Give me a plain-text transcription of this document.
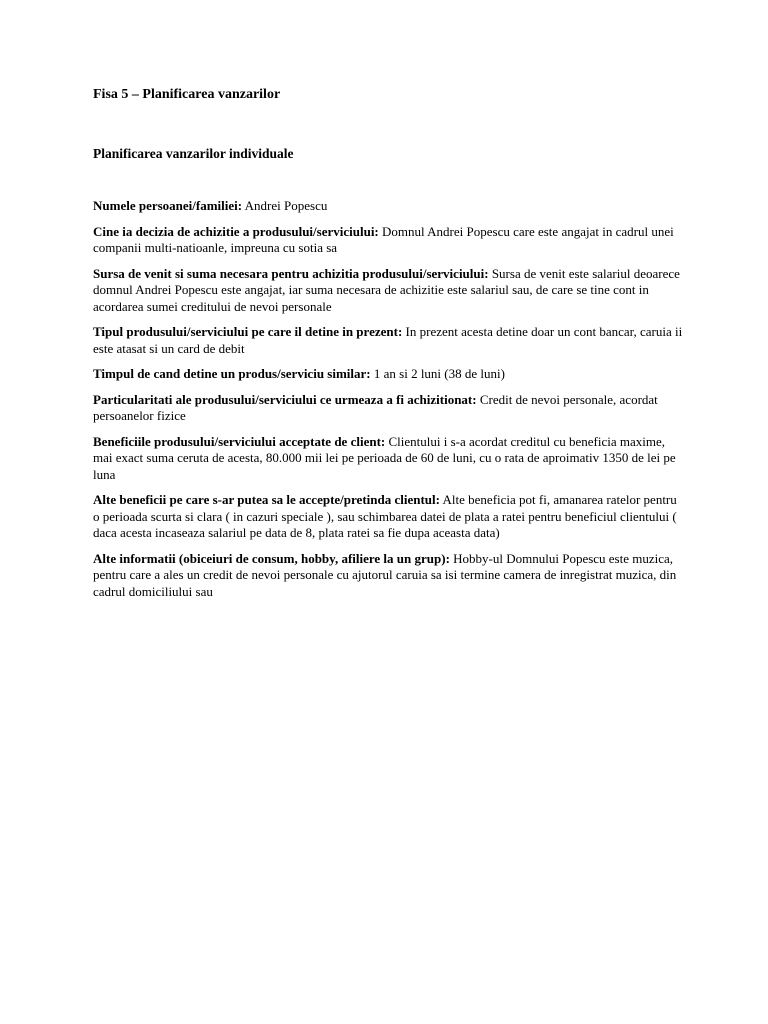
Fisa 5 – Planificarea vanzarilor

Planificarea vanzarilor individuale

Numele persoanei/familiei: Andrei Popescu

Cine ia decizia de achizitie a produsului/serviciului: Domnul Andrei Popescu care este angajat in cadrul unei companii multi-natioanle, impreuna cu sotia sa

Sursa de venit si suma necesara pentru achizitia produsului/serviciului: Sursa de venit este salariul deoarece domnul Andrei Popescu este angajat, iar suma necesara de achizitie este salariul sau, de care se tine cont in acordarea sumei creditului de nevoi personale

Tipul produsului/serviciului pe care il detine in prezent: In prezent acesta detine doar un cont bancar, caruia ii este atasat si un card de debit

Timpul de cand detine un produs/serviciu similar: 1 an si 2 luni (38 de luni)

Particularitati ale produsului/serviciului ce urmeaza a fi achizitionat: Credit de nevoi personale, acordat persoanelor fizice

Beneficiile produsului/serviciului acceptate de client: Clientului i s-a acordat creditul cu beneficia maxime, mai exact suma ceruta de acesta, 80.000 mii lei pe perioada de 60 de luni, cu o rata de aproimativ 1350 de lei pe luna

Alte beneficii pe care s-ar putea sa le accepte/pretinda clientul: Alte beneficia pot fi, amanarea ratelor pentru o perioada scurta si clara ( in cazuri speciale ), sau schimbarea datei de plata a ratei pentru beneficiul clientului ( daca acesta incaseaza salariul pe data de 8, plata ratei sa fie dupa aceasta data)

Alte informatii (obiceiuri de consum, hobby, afiliere la un grup): Hobby-ul Domnului Popescu este muzica, pentru care a ales un credit de nevoi personale cu ajutorul caruia sa isi termine camera de inregistrat muzica, din cadrul domiciliului sau
